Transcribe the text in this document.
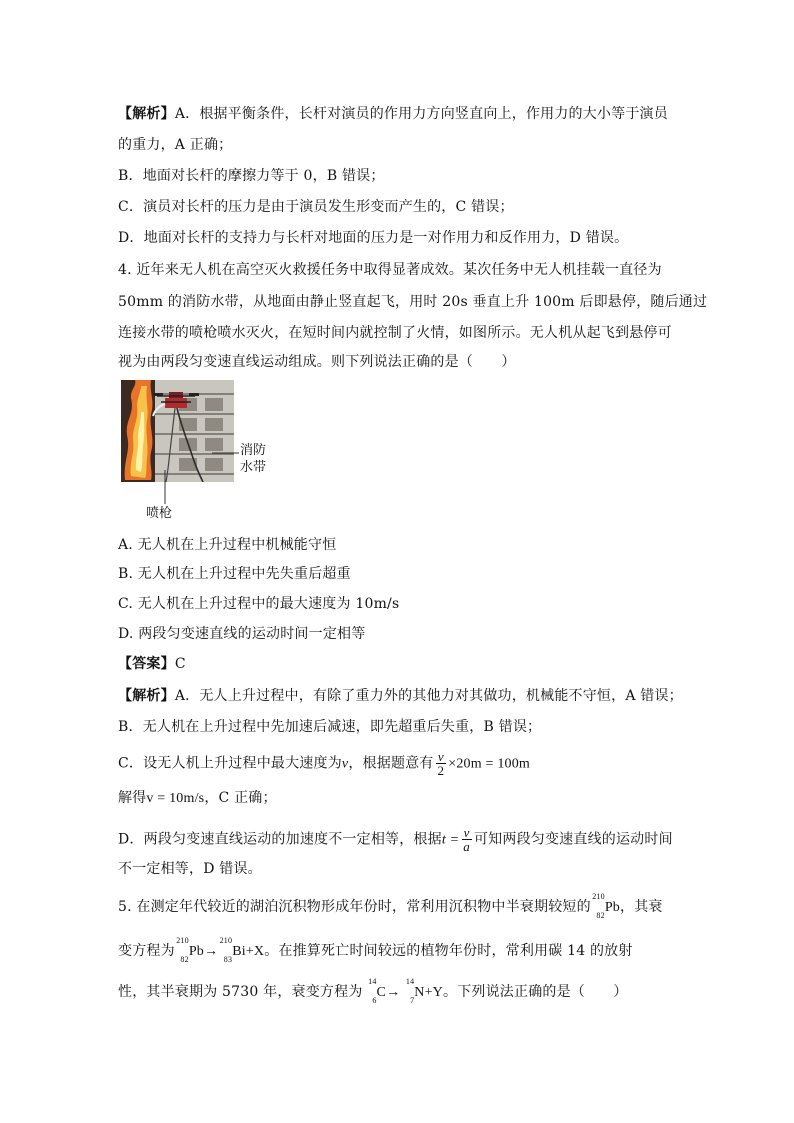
【解析】A．根据平衡条件，长杆对演员的作用力方向竖直向上，作用力的大小等于演员
的重力，A 正确；
B．地面对长杆的摩擦力等于 0，B 错误；
C．演员对长杆的压力是由于演员发生形变而产生的，C 错误；
D．地面对长杆的支持力与长杆对地面的压力是一对作用力和反作用力，D 错误。
4. 近年来无人机在高空灭火救援任务中取得显著成效。某次任务中无人机挂载一直径为
50mm 的消防水带，从地面由静止竖直起飞，用时 20s 垂直上升 100m 后即悬停，随后通过
连接水带的喷枪喷水灭火，在短时间内就控制了火情，如图所示。无人机从起飞到悬停可
视为由两段匀变速直线运动组成。则下列说法正确的是（　　）
消防
水带
喷枪
A. 无人机在上升过程中机械能守恒
B. 无人机在上升过程中先失重后超重
C. 无人机在上升过程中的最大速度为 10m/s
D. 两段匀变速直线的运动时间一定相等
【答案】C
【解析】A．无人上升过程中，有除了重力外的其他力对其做功，机械能不守恒，A 错误；
B．无人机在上升过程中先加速后减速，即先超重后失重，B 错误；
C．设无人机上升过程中最大速度为v，根据题意有 $\frac{v}{2} \times 20m = 100m$
解得v = 10m/s，C 正确；
D．两段匀变速直线运动的加速度不一定相等，根据$t = \frac{v}{a}$ 可知两段匀变速直线的运动时间
不一定相等，D 错误。
5. 在测定年代较近的湖泊沉积物形成年份时，常利用沉积物中半衰期较短的
210
82
Pb，其衰
变方程为
210
82
Pb→
210
83
Bi+X。在推算死亡时间较远的植物年份时，常利用碳 14 的放射
性，其半衰期为 5730 年，衰变方程为
14
6
C→
14
7
N+Y。下列说法正确的是（　　）
